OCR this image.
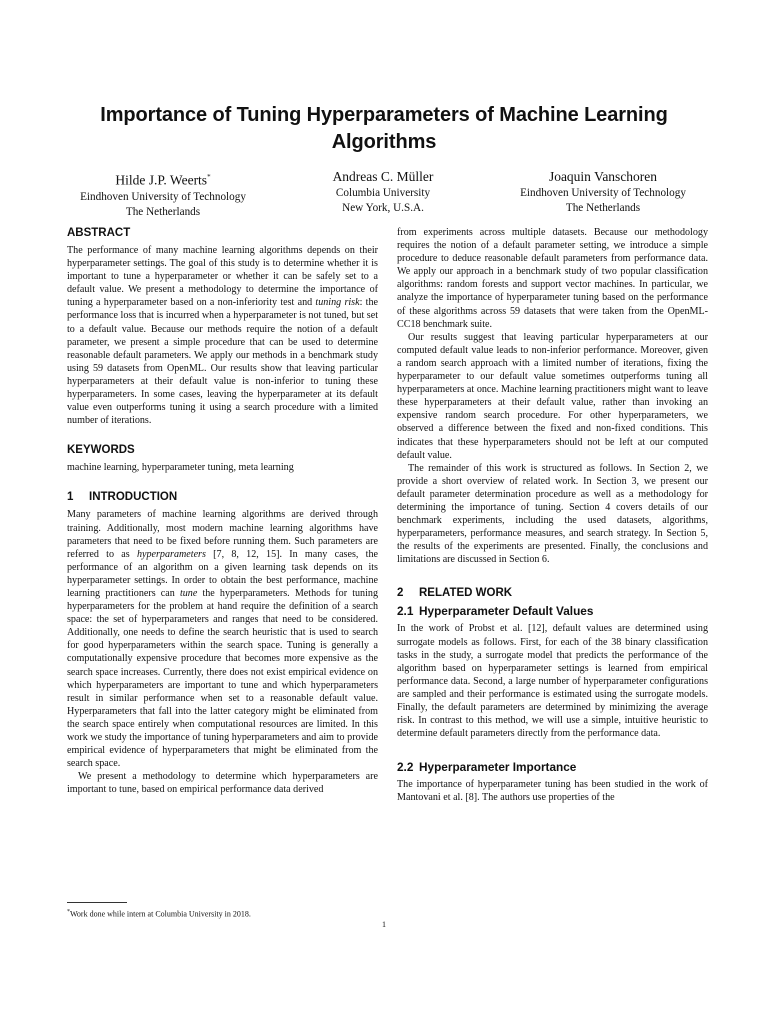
Importance of Tuning Hyperparameters of Machine Learning Algorithms
Hilde J.P. Weerts*
Eindhoven University of Technology
The Netherlands
Andreas C. Müller
Columbia University
New York, U.S.A.
Joaquin Vanschoren
Eindhoven University of Technology
The Netherlands
ABSTRACT

The performance of many machine learning algorithms depends on their hyperparameter settings. The goal of this study is to determine whether it is important to tune a hyperparameter or whether it can be safely set to a default value. We present a methodology to determine the importance of tuning a hyperparameter based on a non-inferiority test and tuning risk: the performance loss that is incurred when a hyperparameter is not tuned, but set to a default value. Because our methods require the notion of a default parameter, we present a simple procedure that can be used to determine reasonable default parameters. We apply our methods in a benchmark study using 59 datasets from OpenML. Our results show that leaving particular hyperparameters at their default value is non-inferior to tuning these hyperparameters. In some cases, leaving the hyperparameter at its default value even outperforms tuning it using a search procedure with a limited number of iterations.

KEYWORDS

machine learning, hyperparameter tuning, meta learning

1 INTRODUCTION

Many parameters of machine learning algorithms are derived through training. Additionally, most modern machine learning algorithms have parameters that need to be fixed before running them. Such parameters are referred to as hyperparameters [7, 8, 12, 15]. In many cases, the performance of an algorithm on a given learning task depends on its hyperparameter settings. In order to obtain the best performance, machine learning practitioners can tune the hyperparameters. Methods for tuning hyperparameters for the problem at hand require the definition of a search space: the set of hyperparameters and ranges that need to be considered. Additionally, one needs to define the search heuristic that is used to search for good hyperparameters within the search space. Tuning is generally a computationally expensive procedure that becomes more expensive as the search space increases. Currently, there does not exist empirical evidence on which hyperparameters are important to tune and which hyperparameters result in similar performance when set to a reasonable default value. Hyperparameters that fall into the latter category might be eliminated from the search space entirely when computational resources are limited. In this work we study the importance of tuning hyperparameters and aim to provide empirical evidence of hyperparameters that might be eliminated from the search space.

We present a methodology to determine which hyperparameters are important to tune, based on empirical performance data derived

from experiments across multiple datasets. Because our methodology requires the notion of a default parameter setting, we introduce a simple procedure to deduce reasonable default parameters from performance data. We apply our approach in a benchmark study of two popular classification algorithms: random forests and support vector machines. In particular, we analyze the importance of hyperparameter tuning based on the performance of these algorithms across 59 datasets that were taken from the OpenML-CC18 benchmark suite.

Our results suggest that leaving particular hyperparameters at our computed default value leads to non-inferior performance. Moreover, given a random search approach with a limited number of iterations, fixing the hyperparameter to our default value sometimes outperforms tuning all hyperparameters at once. Machine learning practitioners might want to leave these hyperparameters at their default value, rather than invoking an expensive random search procedure. For other hyperparameters, we observed a difference between the fixed and non-fixed conditions. This indicates that these hyperparameters should not be left at our computed default value.

The remainder of this work is structured as follows. In Section 2, we provide a short overview of related work. In Section 3, we present our default parameter determination procedure as well as a methodology for determining the importance of tuning. Section 4 covers details of our benchmark experiments, including the used datasets, algorithms, hyperparameters, performance measures, and search strategy. In Section 5, the results of the experiments are presented. Finally, the conclusions and limitations are discussed in Section 6.

2 RELATED WORK
2.1 Hyperparameter Default Values

In the work of Probst et al. [12], default values are determined using surrogate models as follows. First, for each of the 38 binary classification tasks in the study, a surrogate model that predicts the performance of the algorithm based on hyperparameter settings is learned from empirical performance data. Second, a large number of hyperparameter configurations are sampled and their performance is estimated using the surrogate models. Finally, the default parameters are determined by minimizing the average risk. In contrast to this method, we will use a simple, intuitive heuristic to determine default parameters directly from the performance data.

2.2 Hyperparameter Importance

The importance of hyperparameter tuning has been studied in the work of Mantovani et al. [8]. The authors use properties of the

*Work done while intern at Columbia University in 2018.
1
